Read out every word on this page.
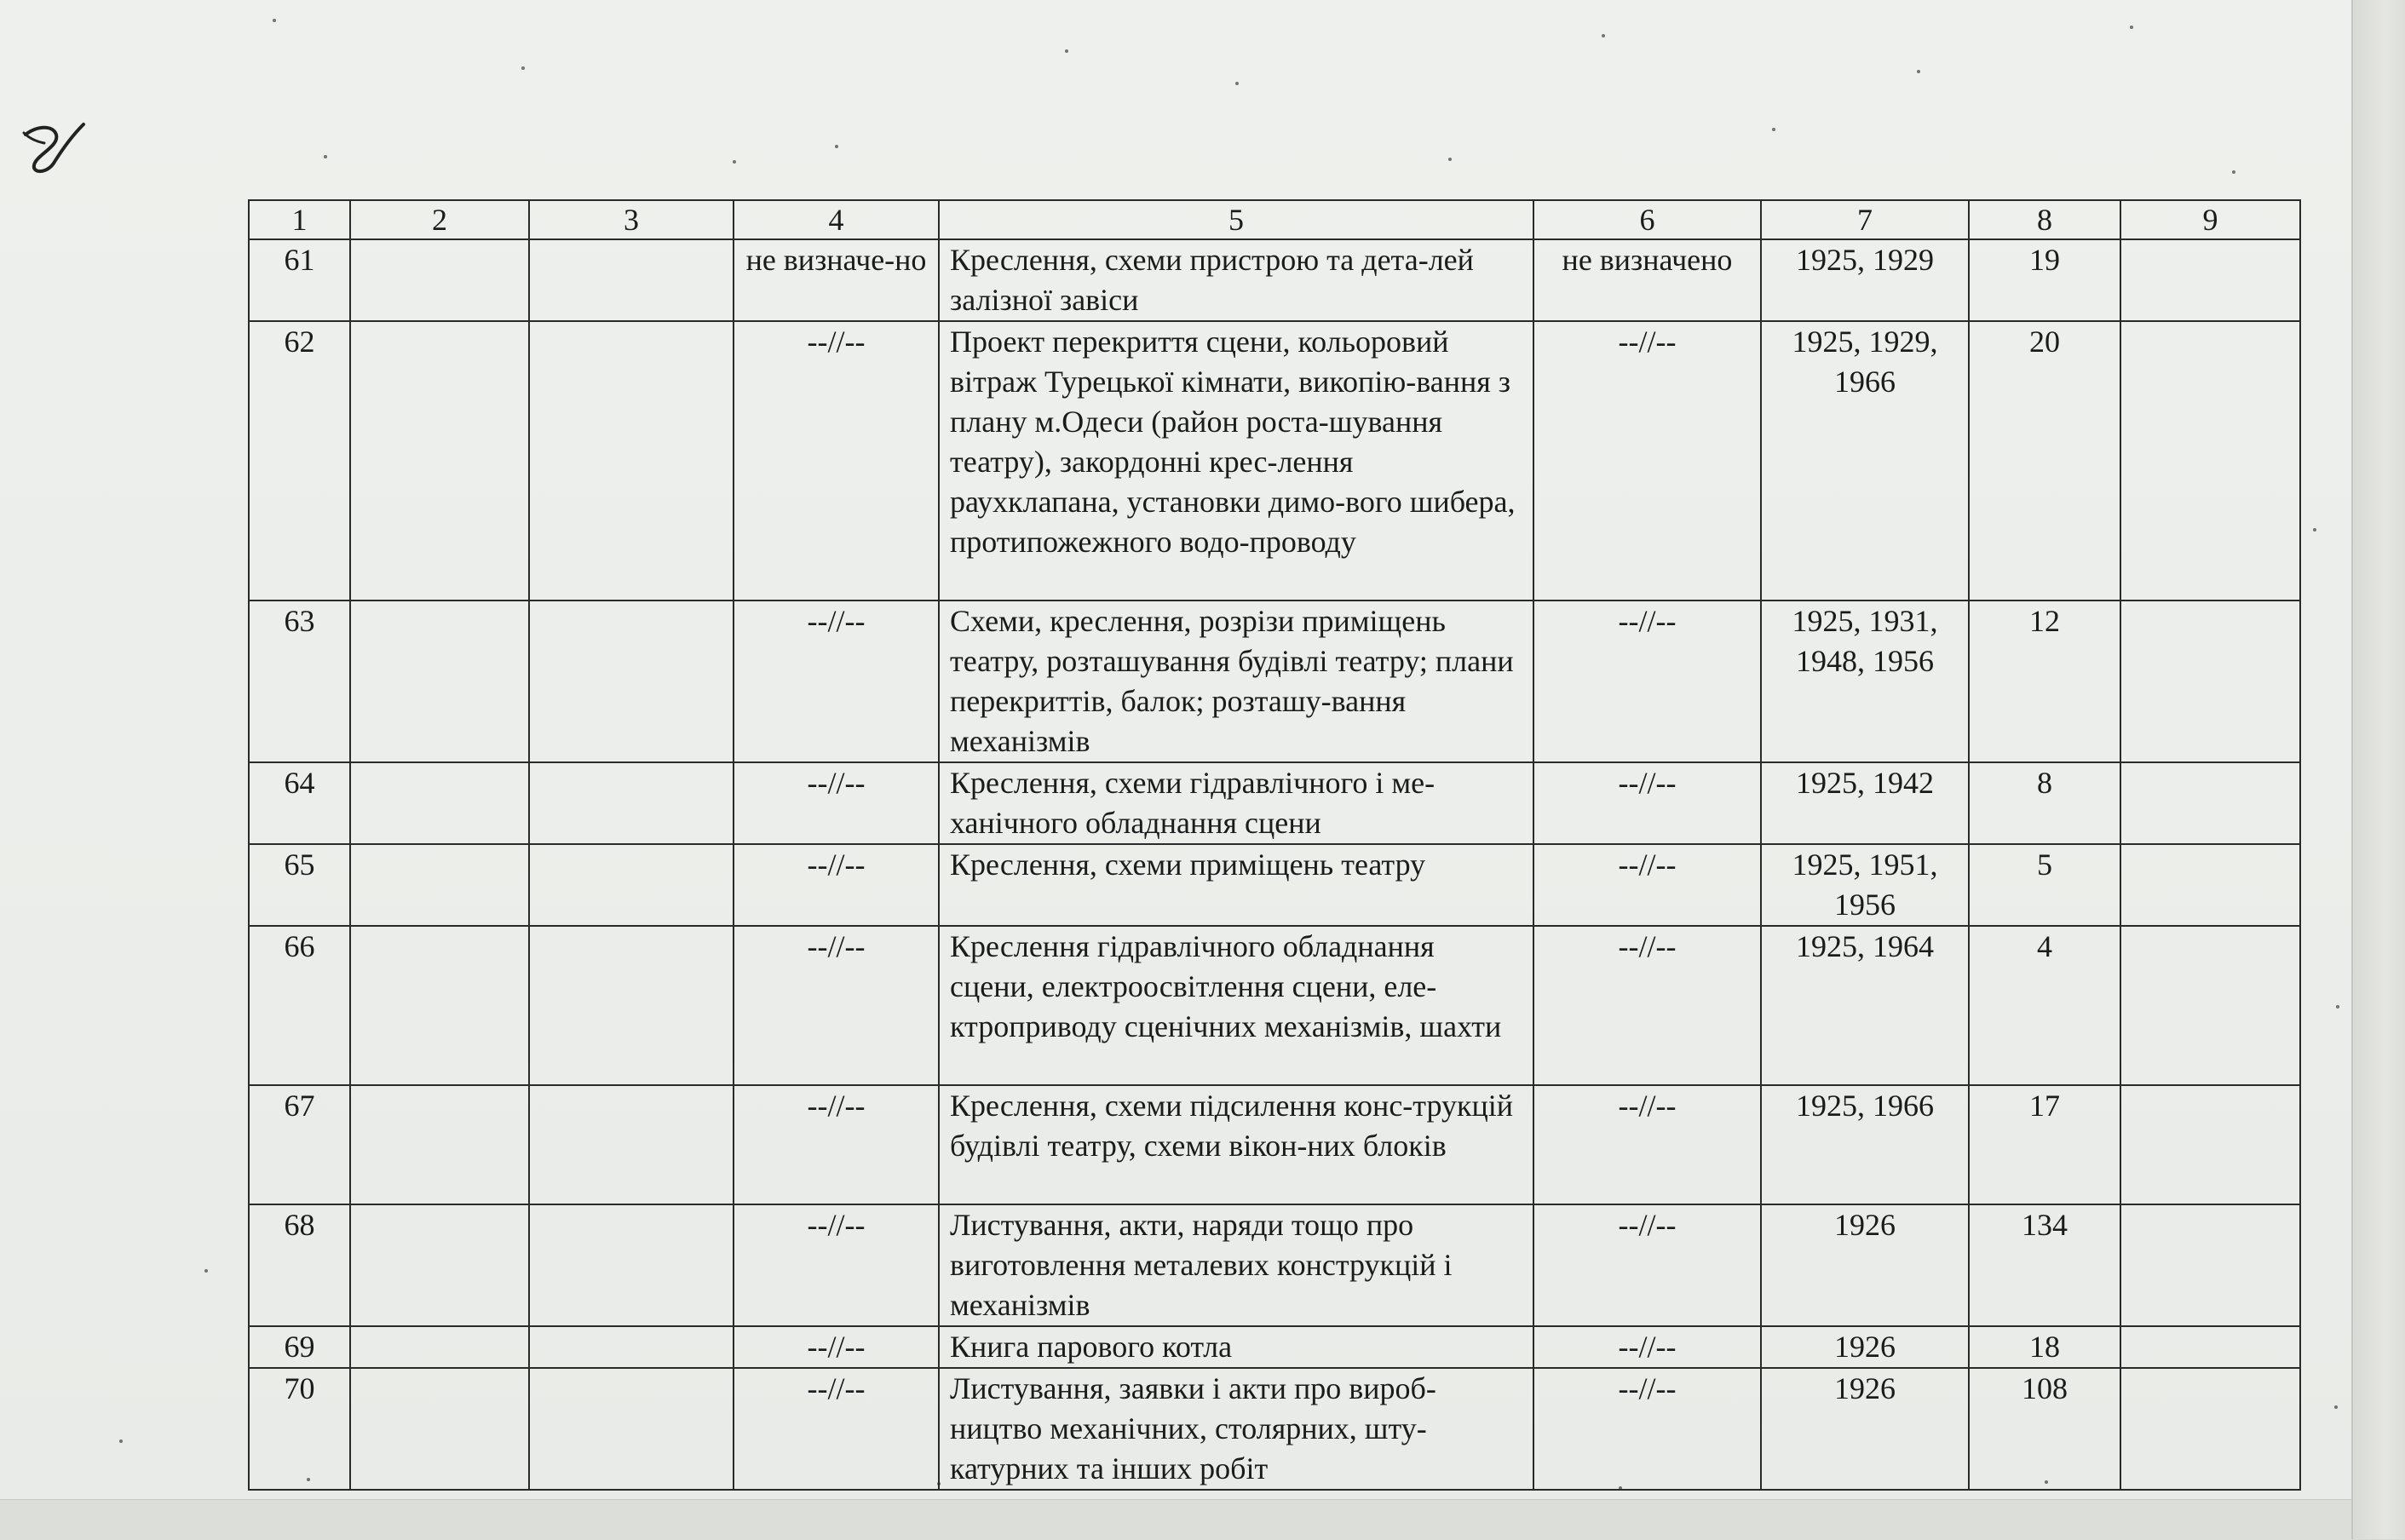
1	2	3	4	5	6	7	8	9
61			не визначе-но	Креслення, схеми пристрою та дета-лей залізної завіси	не визначено	1925, 1929	19	
62			--//--	Проект перекриття сцени, кольоровий вітраж Турецької кімнати, викопію-вання з плану м.Одеси (район роста-шування театру), закордонні крес-лення раухклапана, установки димо-вого шибера, протипожежного водо-проводу	--//--	1925, 1929, 1966	20	
63			--//--	Схеми, креслення, розрізи приміщень театру, розташування будівлі театру; плани перекриттів, балок; розташу-вання механізмів	--//--	1925, 1931, 1948, 1956	12	
64			--//--	Креслення, схеми гідравлічного і ме-ханічного обладнання сцени	--//--	1925, 1942	8	
65			--//--	Креслення, схеми приміщень театру	--//--	1925, 1951, 1956	5	
66			--//--	Креслення гідравлічного обладнання сцени, електроосвітлення сцени, еле-ктроприводу сценічних механізмів, шахти	--//--	1925, 1964	4	
67			--//--	Креслення, схеми підсилення конс-трукцій будівлі театру, схеми вікон-них блоків	--//--	1925, 1966	17	
68			--//--	Листування, акти, наряди тощо про виготовлення металевих конструкцій і механізмів	--//--	1926	134	
69			--//--	Книга парового котла	--//--	1926	18	
70			--//--	Листування, заявки і акти про вироб-ництво механічних, столярних, шту-катурних та інших робіт	--//--	1926	108	
